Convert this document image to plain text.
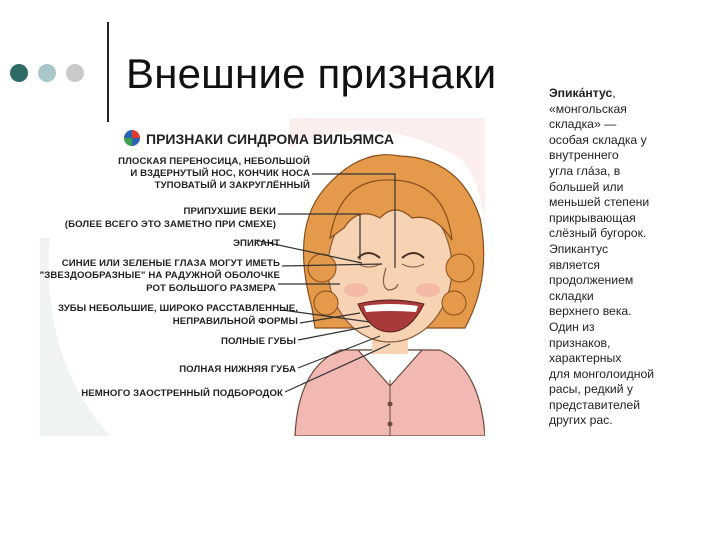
Внешние признаки
ПРИЗНАКИ СИНДРОМА ВИЛЬЯМСА
ПЛОСКАЯ ПЕРЕНОСИЦА, НЕБОЛЬШОЙ
И ВЗДЕРНУТЫЙ НОС, КОНЧИК НОСА
ТУПОВАТЫЙ И ЗАКРУГЛЁННЫЙ
ПРИПУХШИЕ ВЕКИ
(БОЛЕЕ ВСЕГО ЭТО ЗАМЕТНО ПРИ СМЕХЕ)
ЭПИКАНТ
СИНИЕ ИЛИ ЗЕЛЕНЫЕ ГЛАЗА МОГУТ ИМЕТЬ
"ЗВЕЗДООБРАЗНЫЕ" НА РАДУЖНОЙ ОБОЛОЧКЕ
РОТ БОЛЬШОГО РАЗМЕРА
ЗУБЫ НЕБОЛЬШИЕ, ШИРОКО РАССТАВЛЕННЫЕ,
НЕПРАВИЛЬНОЙ ФОРМЫ
ПОЛНЫЕ ГУБЫ
ПОЛНАЯ НИЖНЯЯ ГУБА
НЕМНОГО ЗАОСТРЕННЫЙ ПОДБОРОДОК
Эпика́нтус,
«монгольская
складка» —
особая складка у
внутреннего
угла гла́за, в
большей или
меньшей степени
прикрывающая
слёзный бугорок.
Эпикантус
является
продолжением
складки
верхнего века.
Один из
признаков,
характерных
для монголоидной
расы, редкий у
представителей
других рас.
